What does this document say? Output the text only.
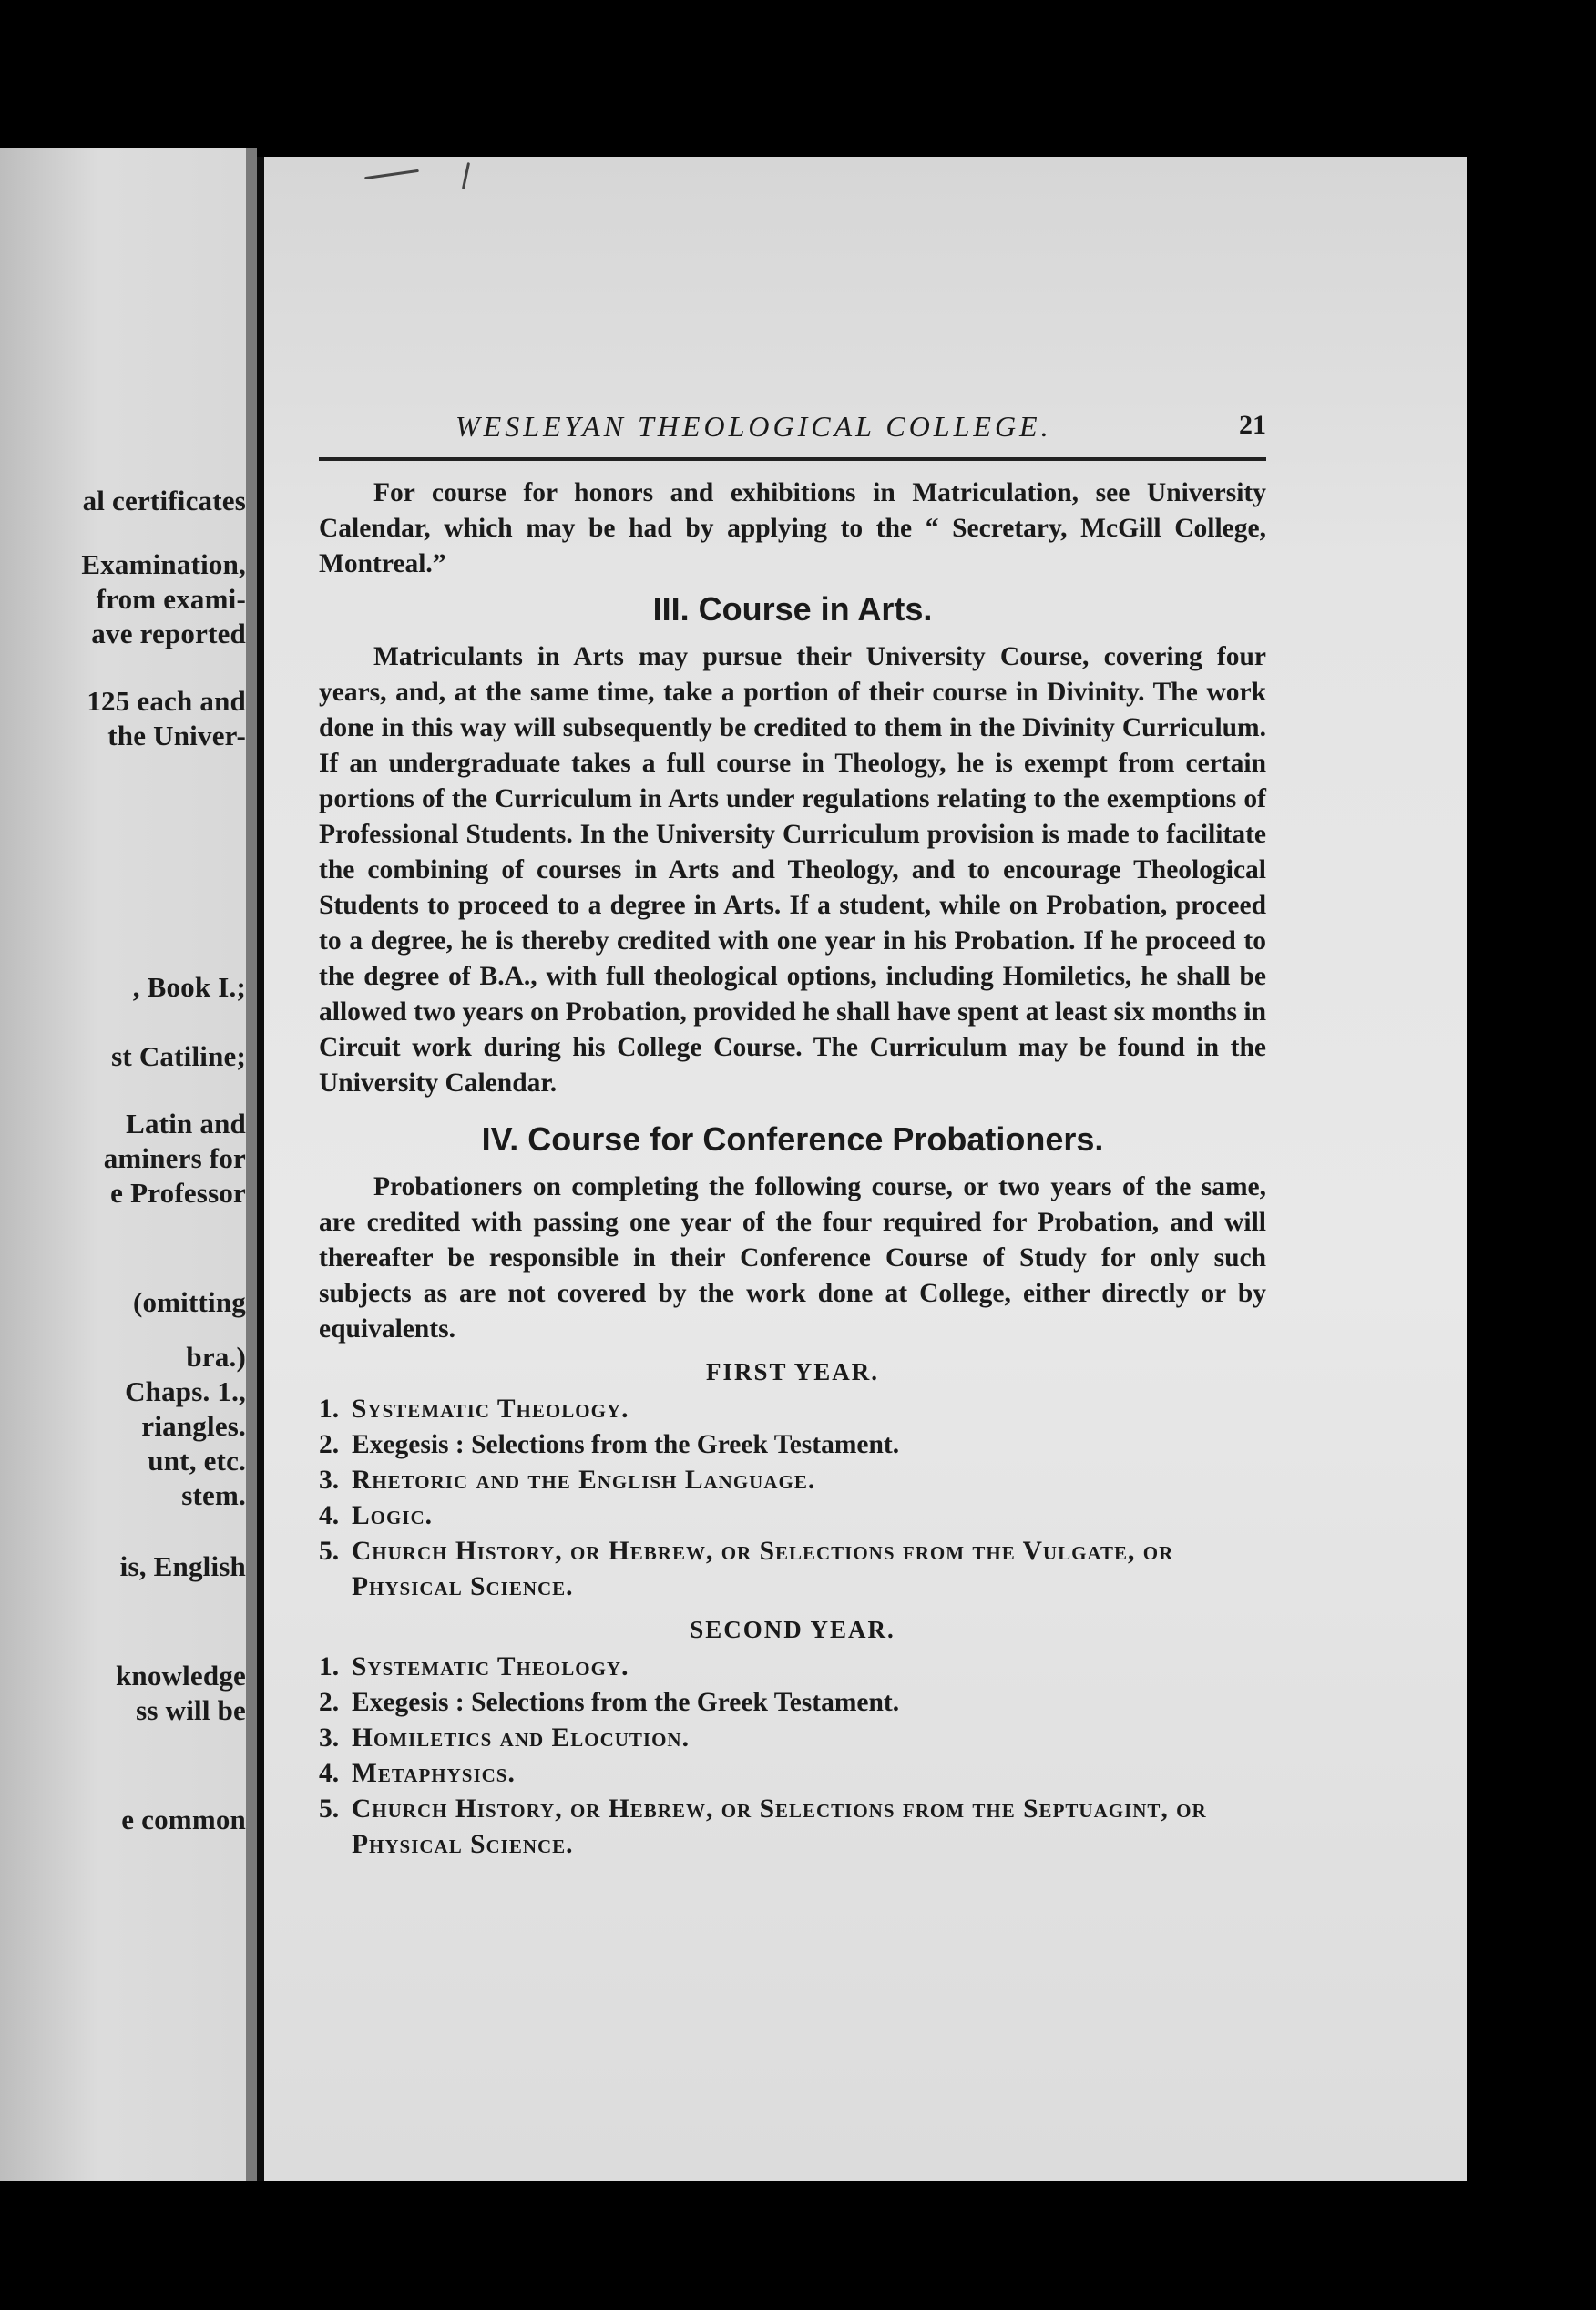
al certificates
Examination,
from exami-
ave reported
125 each and
the Univer-
, Book I.;
st Catiline;
Latin and
aminers for
e Professor
(omitting
bra.)
Chaps. 1.,
riangles.
unt, etc.
stem.
is, English
knowledge
ss will be
e common
WESLEYAN THEOLOGICAL COLLEGE.	21

For course for honors and exhibitions in Matriculation, see University Calendar, which may be had by applying to the “ Secretary, McGill College, Montreal.”

III. Course in Arts.

Matriculants in Arts may pursue their University Course, covering four years, and, at the same time, take a portion of their course in Divinity. The work done in this way will subsequently be credited to them in the Divinity Curriculum. If an undergraduate takes a full course in Theology, he is exempt from certain portions of the Curriculum in Arts under regulations relating to the exemptions of Professional Students. In the University Curriculum provision is made to facilitate the combining of courses in Arts and Theology, and to encourage Theological Students to proceed to a degree in Arts. If a student, while on Probation, proceed to a degree, he is thereby credited with one year in his Probation. If he proceed to the degree of B.A., with full theological options, including Homiletics, he shall be allowed two years on Probation, provided he shall have spent at least six months in Circuit work during his College Course. The Curriculum may be found in the University Calendar.

IV. Course for Conference Probationers.

Probationers on completing the following course, or two years of the same, are credited with passing one year of the four required for Probation, and will thereafter be responsible in their Conference Course of Study for only such subjects as are not covered by the work done at College, either directly or by equivalents.

FIRST YEAR.
1. Systematic Theology.
2. Exegesis : Selections from the Greek Testament.
3. Rhetoric and the English Language.
4. Logic.
5. Church History, or Hebrew, or Selections from the Vulgate, or Physical Science.
SECOND YEAR.
1. Systematic Theology.
2. Exegesis : Selections from the Greek Testament.
3. Homiletics and Elocution.
4. Metaphysics.
5. Church History, or Hebrew, or Selections from the Septuagint, or Physical Science.
